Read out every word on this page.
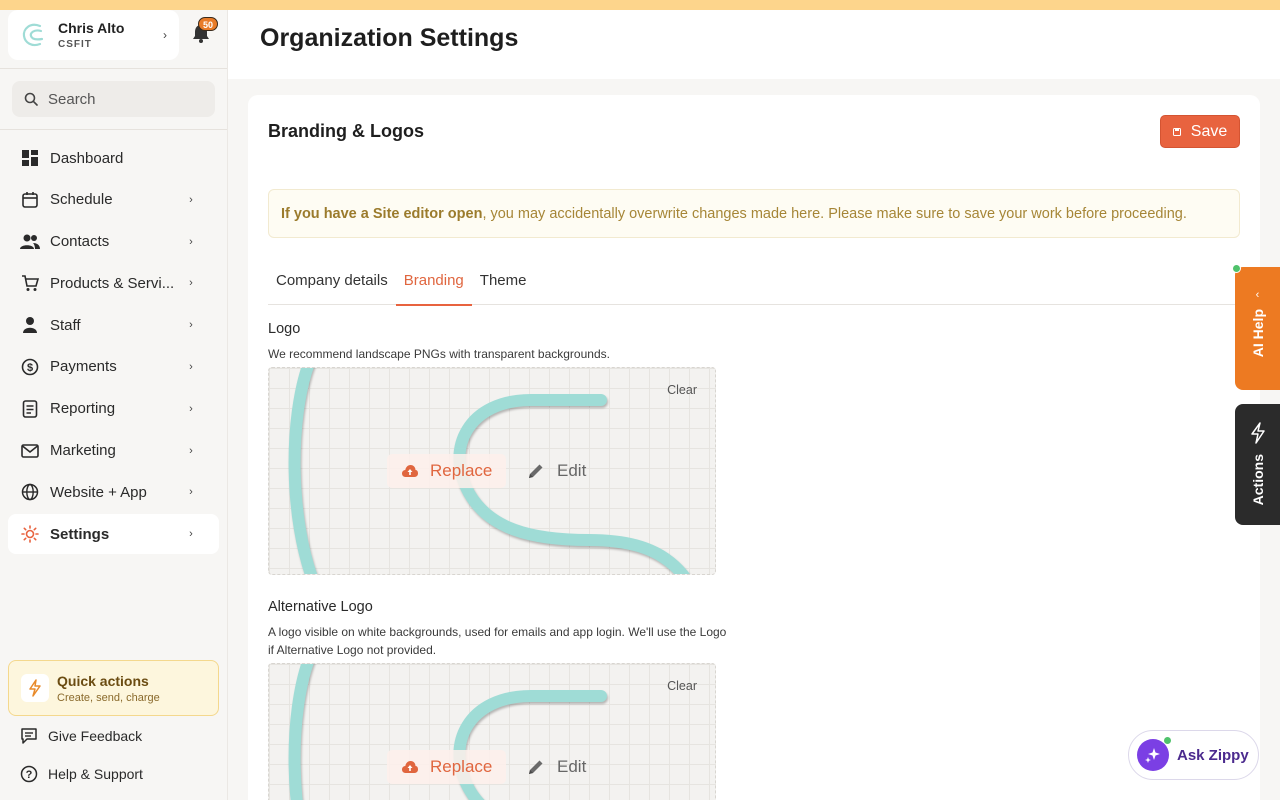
Chris Alto
CSFIT
›
50
Search
Dashboard
Schedule	›
Contacts	›
Products & Servi...	›
Staff	›
$ Payments	›
Reporting	›
Marketing	›
Website + App	›
Settings	›
Quick actions
Create, send, charge
Give Feedback
? Help & Support
Organization Settings
Branding & Logos	Save
If you have a Site editor open , you may accidentally overwrite changes made here. Please make sure to save your work before proceeding.
Company details	Branding	Theme
Logo
We recommend landscape PNGs with transparent backgrounds.
Clear
Replace	Edit
Alternative Logo
A logo visible on white backgrounds, used for emails and app login. We'll use the Logo if Alternative Logo not provided.
Clear
Replace	Edit
‹
AI Help
Actions
Ask Zippy
